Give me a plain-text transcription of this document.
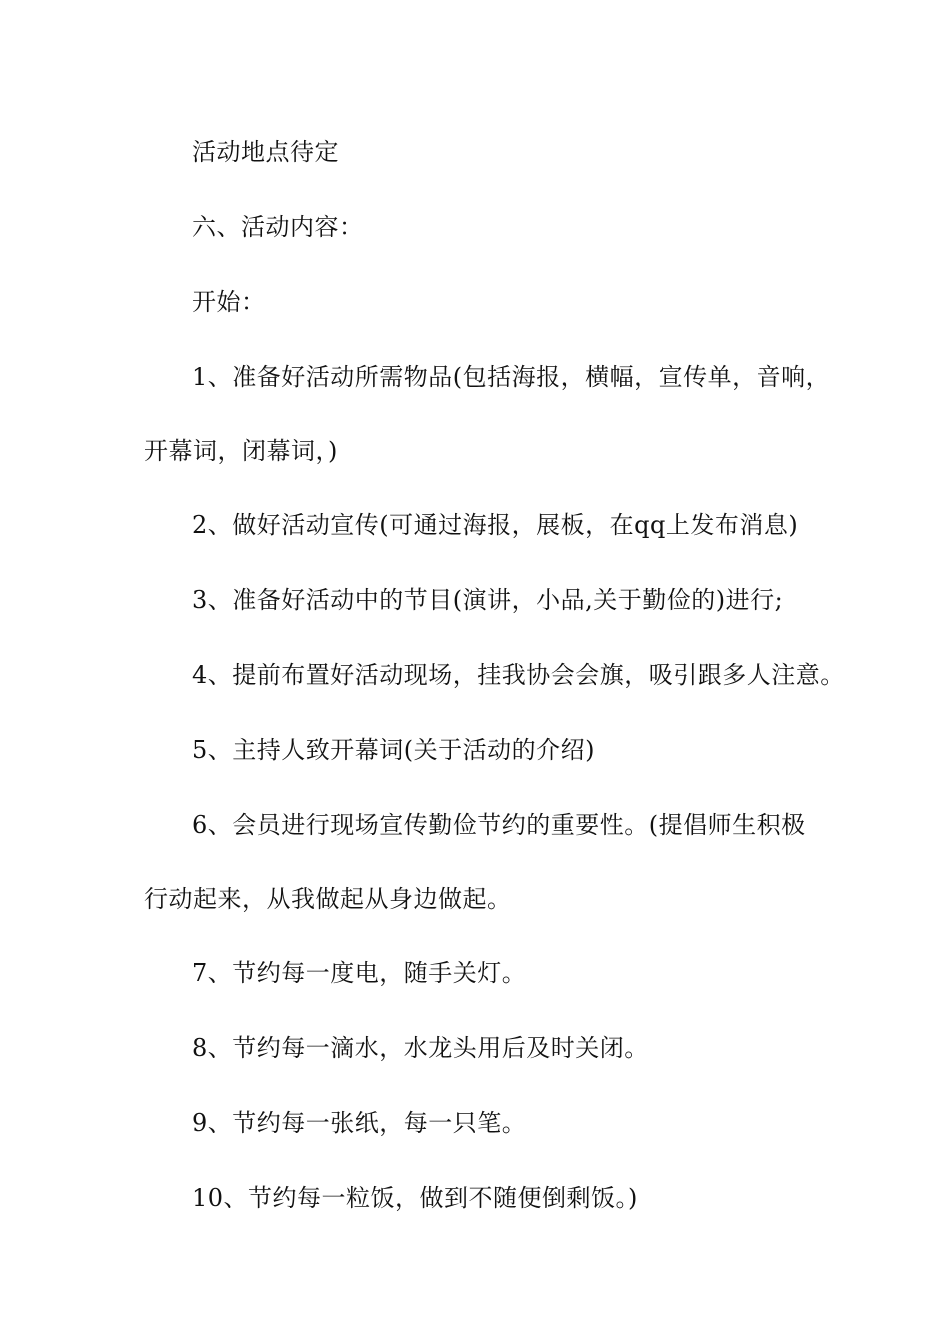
活动地点待定
六、活动内容：
开始：
1、准备好活动所需物品(包括海报，横幅，宣传单，音响，
开幕词，闭幕词，)
2、做好活动宣传(可通过海报，展板，在qq上发布消息)
3、准备好活动中的节目(演讲，小品,关于勤俭的)进行;
4、提前布置好活动现场，挂我协会会旗，吸引跟多人注意。
5、主持人致开幕词(关于活动的介绍)
6、会员进行现场宣传勤俭节约的重要性。(提倡师生积极
行动起来，从我做起从身边做起。
7、节约每一度电，随手关灯。
8、节约每一滴水，水龙头用后及时关闭。
9、节约每一张纸，每一只笔。
10、节约每一粒饭，做到不随便倒剩饭。)
